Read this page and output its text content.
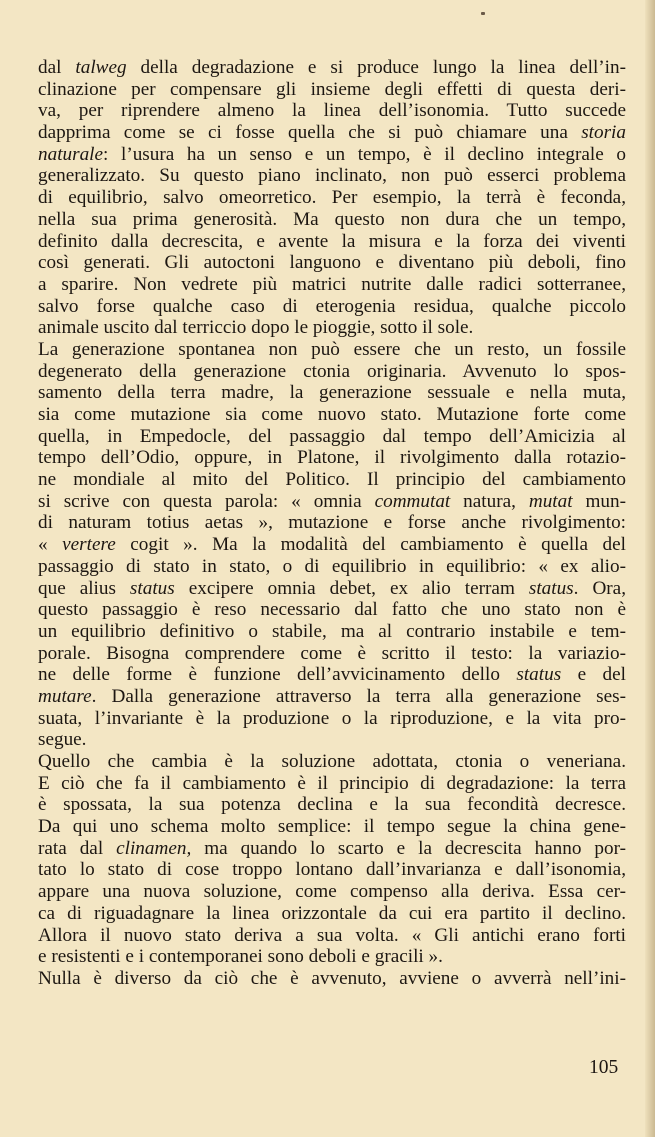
dal talweg della degradazione e si produce lungo la linea dell’in-
clinazione per compensare gli insieme degli effetti di questa deri-
va, per riprendere almeno la linea dell’isonomia. Tutto succede
dapprima come se ci fosse quella che si può chiamare una storia
naturale: l’usura ha un senso e un tempo, è il declino integrale o
generalizzato. Su questo piano inclinato, non può esserci problema
di equilibrio, salvo omeorretico. Per esempio, la terrà è feconda,
nella sua prima generosità. Ma questo non dura che un tempo,
definito dalla decrescita, e avente la misura e la forza dei viventi
così generati. Gli autoctoni languono e diventano più deboli, fino
a sparire. Non vedrete più matrici nutrite dalle radici sotterranee,
salvo forse qualche caso di eterogenia residua, qualche piccolo
animale uscito dal terriccio dopo le pioggie, sotto il sole.
La generazione spontanea non può essere che un resto, un fossile
degenerato della generazione ctonia originaria. Avvenuto lo spos-
samento della terra madre, la generazione sessuale e nella muta,
sia come mutazione sia come nuovo stato. Mutazione forte come
quella, in Empedocle, del passaggio dal tempo dell’Amicizia al
tempo dell’Odio, oppure, in Platone, il rivolgimento dalla rotazio-
ne mondiale al mito del Politico. Il principio del cambiamento
si scrive con questa parola: « omnia commutat natura, mutat mun-
di naturam totius aetas », mutazione e forse anche rivolgimento:
« vertere cogit ». Ma la modalità del cambiamento è quella del
passaggio di stato in stato, o di equilibrio in equilibrio: « ex alio-
que alius status excipere omnia debet, ex alio terram status. Ora,
questo passaggio è reso necessario dal fatto che uno stato non è
un equilibrio definitivo o stabile, ma al contrario instabile e tem-
porale. Bisogna comprendere come è scritto il testo: la variazio-
ne delle forme è funzione dell’avvicinamento dello status e del
mutare. Dalla generazione attraverso la terra alla generazione ses-
suata, l’invariante è la produzione o la riproduzione, e la vita pro-
segue.
Quello che cambia è la soluzione adottata, ctonia o veneriana.
E ciò che fa il cambiamento è il principio di degradazione: la terra
è spossata, la sua potenza declina e la sua fecondità decresce.
Da qui uno schema molto semplice: il tempo segue la china gene-
rata dal clinamen, ma quando lo scarto e la decrescita hanno por-
tato lo stato di cose troppo lontano dall’invarianza e dall’isonomia,
appare una nuova soluzione, come compenso alla deriva. Essa cer-
ca di riguadagnare la linea orizzontale da cui era partito il declino.
Allora il nuovo stato deriva a sua volta. « Gli antichi erano forti
e resistenti e i contemporanei sono deboli e gracili ».
Nulla è diverso da ciò che è avvenuto, avviene o avverrà nell’ini-
105
